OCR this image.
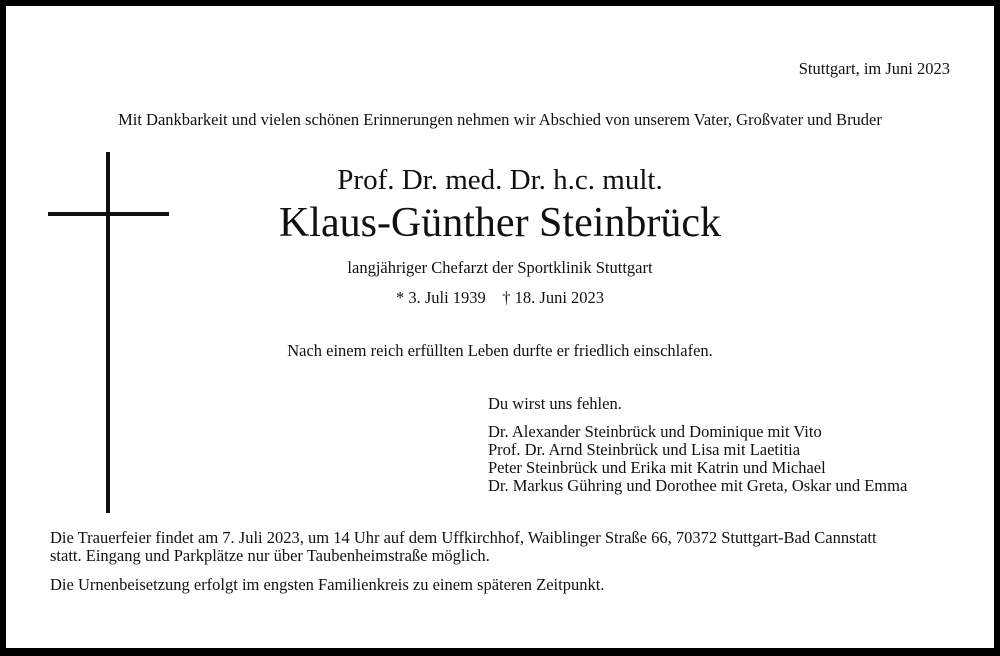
Stuttgart, im Juni 2023
Mit Dankbarkeit und vielen schönen Erinnerungen nehmen wir Abschied von unserem Vater, Großvater und Bruder
Prof. Dr. med. Dr. h.c. mult.
Klaus-Günther Steinbrück
langjähriger Chefarzt der Sportklinik Stuttgart
* 3. Juli 1939 † 18. Juni 2023
Nach einem reich erfüllten Leben durfte er friedlich einschlafen.
Du wirst uns fehlen.
Dr. Alexander Steinbrück und Dominique mit Vito
Prof. Dr. Arnd Steinbrück und Lisa mit Laetitia
Peter Steinbrück und Erika mit Katrin und Michael
Dr. Markus Gühring und Dorothee mit Greta, Oskar und Emma
Die Trauerfeier findet am 7. Juli 2023, um 14 Uhr auf dem Uffkirchhof, Waiblinger Straße 66, 70372 Stuttgart-Bad Cannstatt
statt. Eingang und Parkplätze nur über Taubenheimstraße möglich.
Die Urnenbeisetzung erfolgt im engsten Familienkreis zu einem späteren Zeitpunkt.
